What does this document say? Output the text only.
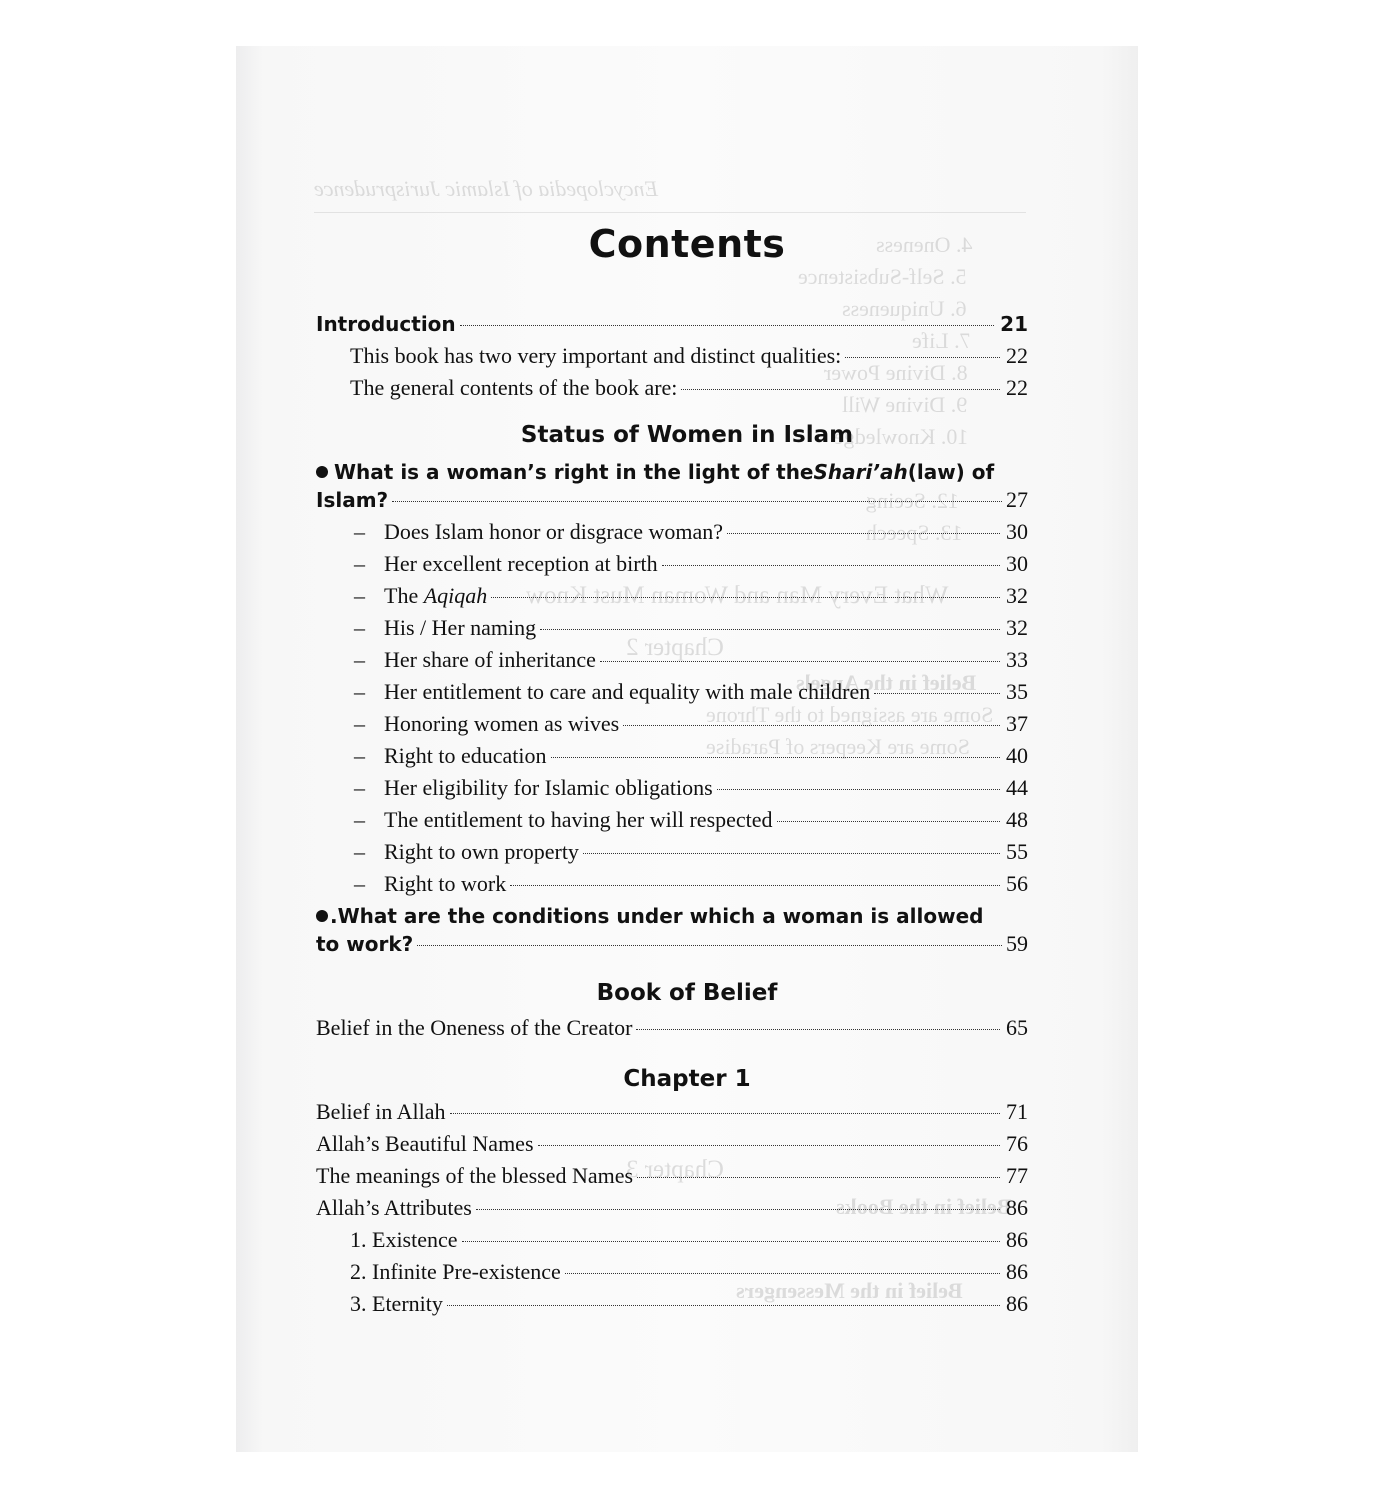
Encyclopedia of Islamic Jurisprudence
4. Oneness
5. Self-Subsistence
6. Uniqueness
7. Life
8. Divine Power
9. Divine Will
10. Knowledge
12. Seeing
13. Speech
What Every Man and Woman Must Know
Chapter 2
Belief in the Angels
Some are assigned to the Throne
Some are Keepers of Paradise
Chapter 3
Belief in the Books
Belief in the Messengers
Contents
Introduction	21
This book has two very important and distinct qualities:	22
The general contents of the book are:	22
Status of Women in Islam
What is a woman’s right in the light of the Shari’ah (law) of
Islam?	27
– Does Islam honor or disgrace woman?	30
– Her excellent reception at birth	30
– The Aqiqah	32
– His / Her naming	32
– Her share of inheritance	33
– Her entitlement to care and equality with male children	35
– Honoring women as wives	37
– Right to education	40
– Her eligibility for Islamic obligations	44
– The entitlement to having her will respected	48
– Right to own property	55
– Right to work	56
.What are the conditions under which a woman is allowed
to work?	59
Book of Belief
Belief in the Oneness of the Creator	65
Chapter 1
Belief in Allah	71
Allah’s Beautiful Names	76
The meanings of the blessed Names	77
Allah’s Attributes	86
1. Existence	86
2. Infinite Pre-existence	86
3. Eternity	86
